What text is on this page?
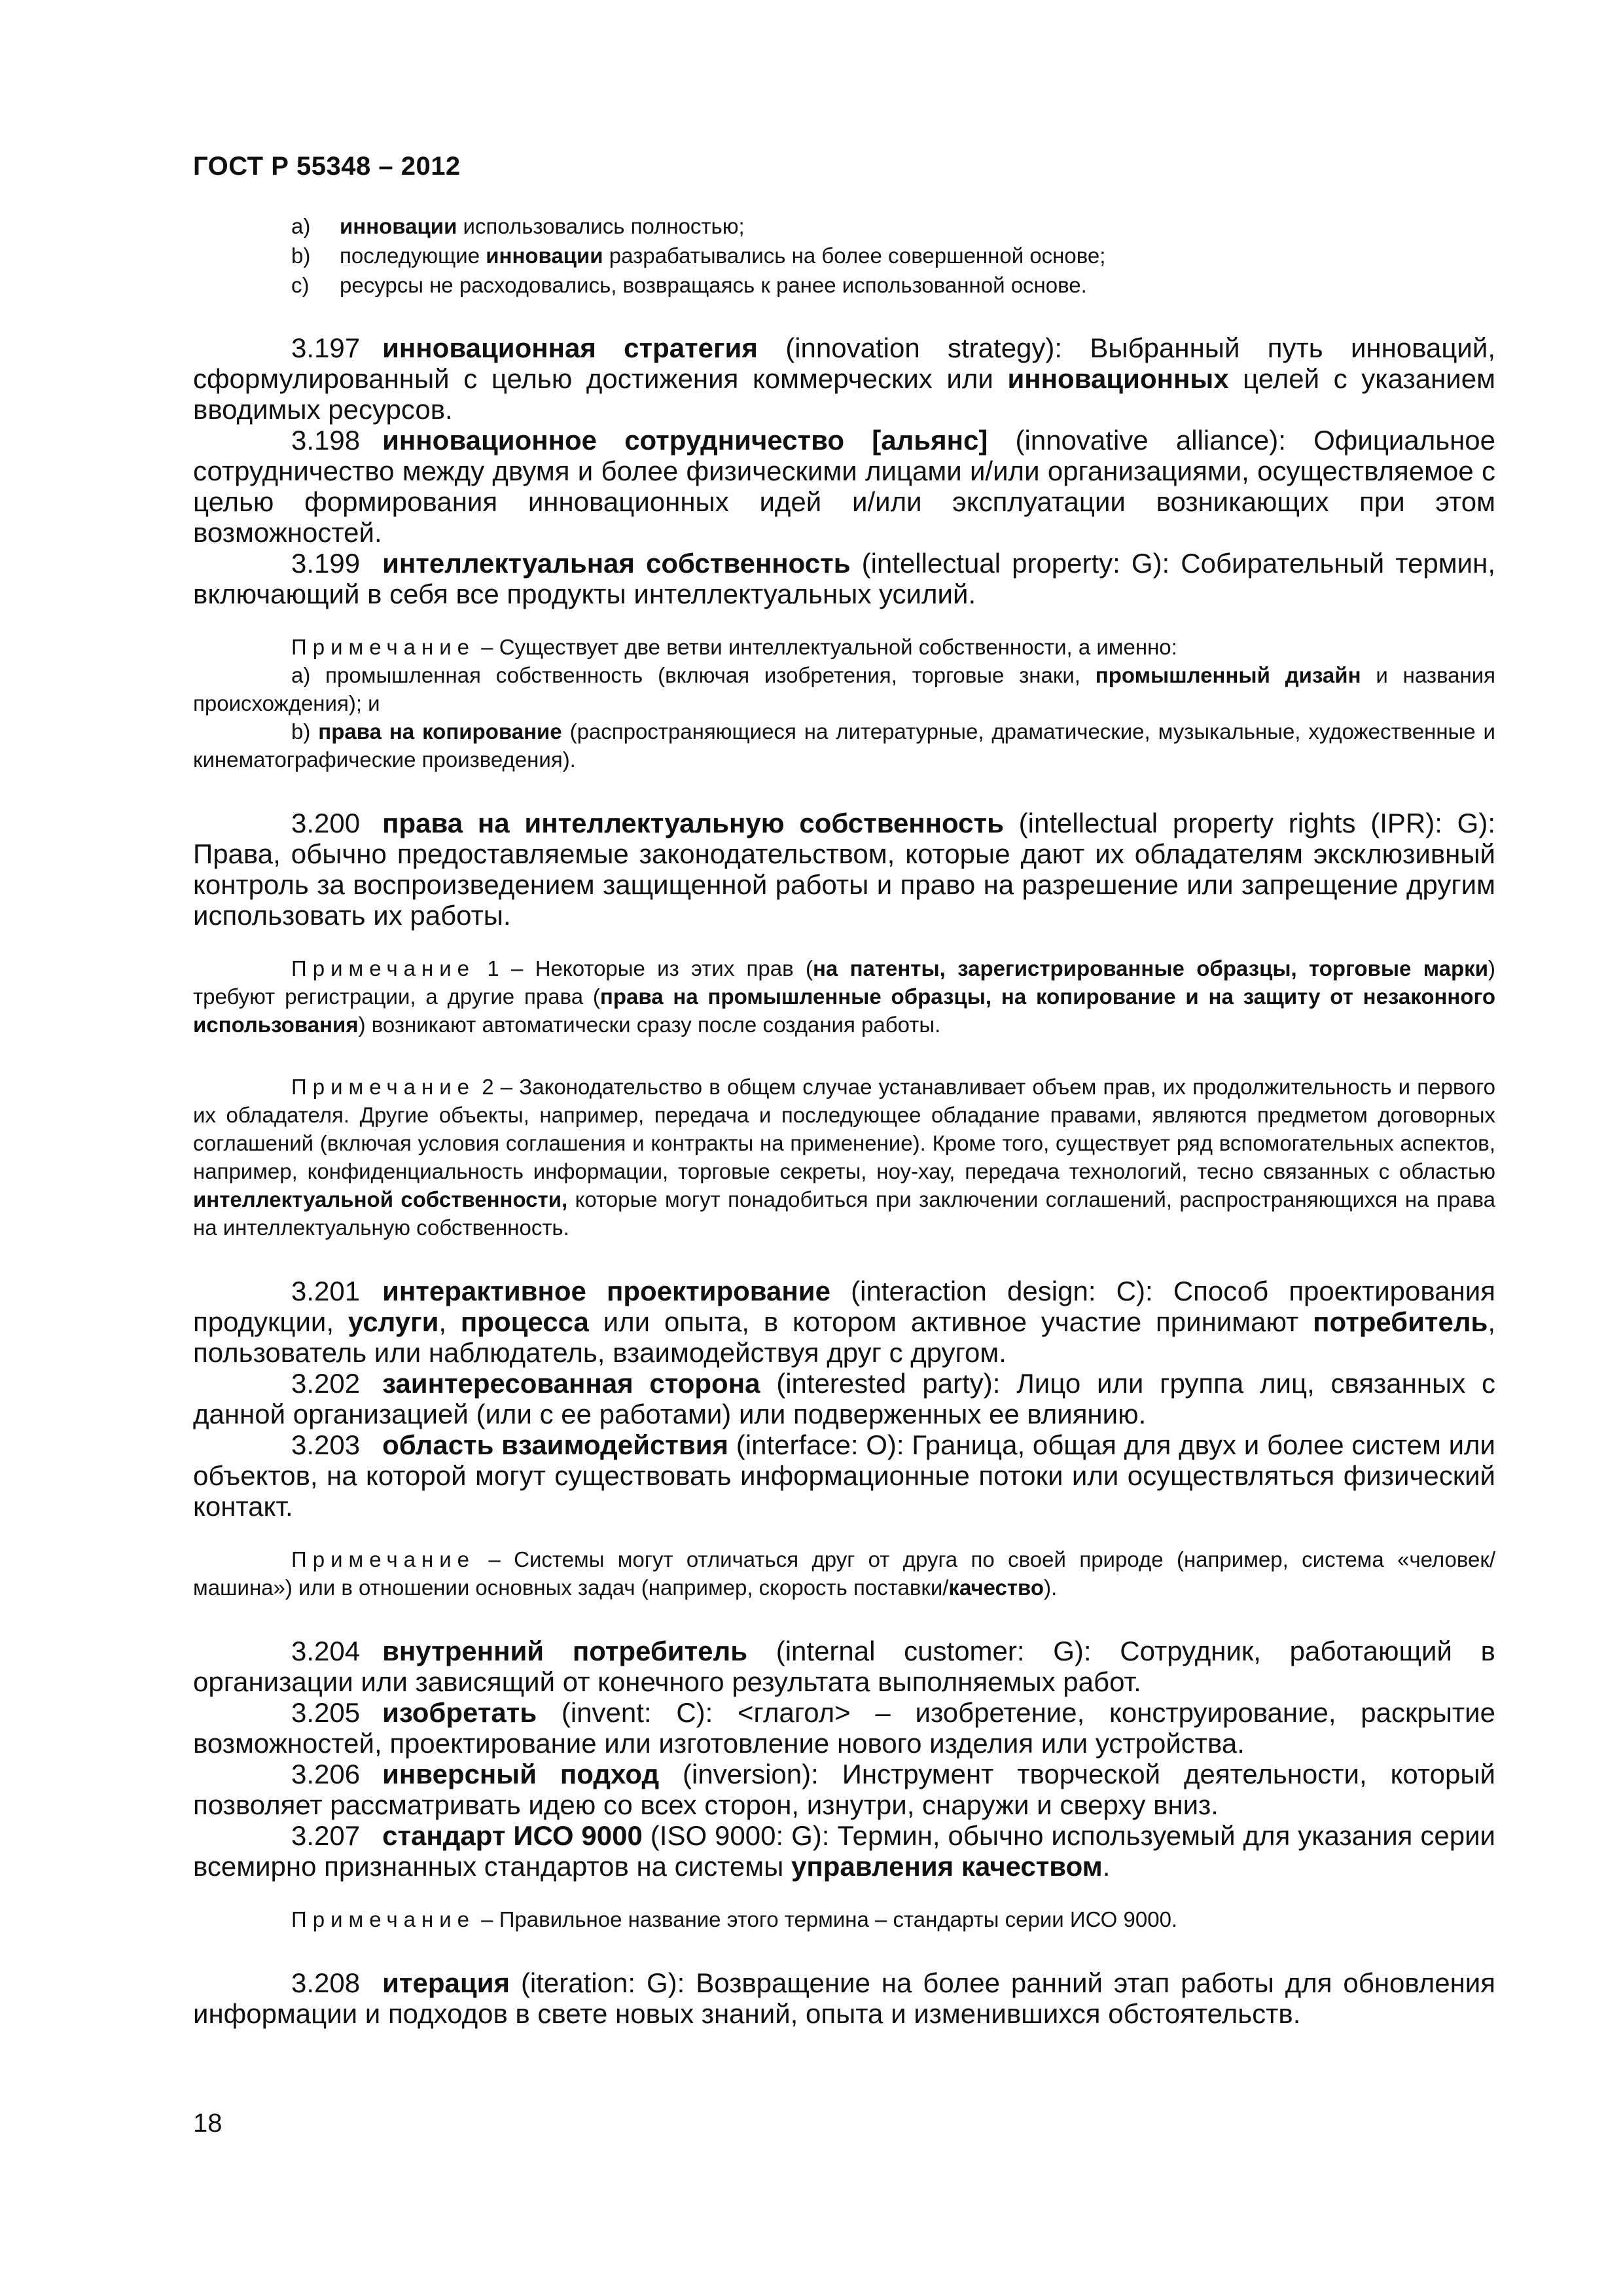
ГОСТ Р 55348 – 2012
a)	инновации использовались полностью;
b)	последующие инновации разрабатывались на более совершенной основе;
c)	ресурсы не расходовались, возвращаясь к ранее использованной основе.

3.197 инновационная стратегия (innovation strategy): Выбранный путь инноваций, сформулированный с целью достижения коммерческих или инновационных целей с указанием вводимых ресурсов.

3.198 инновационное сотрудничество [альянс] (innovative alliance): Официальное сотрудничество между двумя и более физическими лицами и/или организациями, осуществляемое с целью формирования инновационных идей и/или эксплуатации возникающих при этом возможностей.

3.199 интеллектуальная собственность (intellectual property: G): Собирательный термин, включающий в себя все продукты интеллектуальных усилий.

Примечание – Существует две ветви интеллектуальной собственности, а именно:

а) промышленная собственность (включая изобретения, торговые знаки, промышленный дизайн и названия происхождения); и

b) права на копирование (распространяющиеся на литературные, драматические, музыкальные, художественные и кинематографические произведения).

3.200 права на интеллектуальную собственность (intellectual property rights (IPR): G): Права, обычно предоставляемые законодательством, которые дают их обладателям эксклюзивный контроль за воспроизведением защищенной работы и право на разрешение или запрещение другим использовать их работы.

Примечание 1 – Некоторые из этих прав (на патенты, зарегистрированные образцы, торговые марки) требуют регистрации, а другие права (права на промышленные образцы, на копирование и на защиту от незаконного использования) возникают автоматически сразу после создания работы.

Примечание 2 – Законодательство в общем случае устанавливает объем прав, их продолжительность и первого их обладателя. Другие объекты, например, передача и последующее обладание правами, являются предметом договорных соглашений (включая условия соглашения и контракты на применение). Кроме того, существует ряд вспомогательных аспектов, например, конфиденциальность информации, торговые секреты, ноу-хау, передача технологий, тесно связанных с областью интеллектуальной собственности, которые могут понадобиться при заключении соглашений, распространяющихся на права на интеллектуальную собственность.

3.201 интерактивное проектирование (interaction design: C): Способ проектирования продукции, услуги, процесса или опыта, в котором активное участие принимают потребитель, пользователь или наблюдатель, взаимодействуя друг с другом.

3.202 заинтересованная сторона (interested party): Лицо или группа лиц, связанных с данной организацией (или с ее работами) или подверженных ее влиянию.

3.203 область взаимодействия (interface: O): Граница, общая для двух и более систем или объектов, на которой могут существовать информационные потоки или осуществляться физический контакт.

Примечание – Системы могут отличаться друг от друга по своей природе (например, система «человек/машина») или в отношении основных задач (например, скорость поставки/качество).

3.204 внутренний потребитель (internal customer: G): Сотрудник, работающий в организации или зависящий от конечного результата выполняемых работ.

3.205 изобретать (invent: C): <глагол> – изобретение, конструирование, раскрытие возможностей, проектирование или изготовление нового изделия или устройства.

3.206 инверсный подход (inversion): Инструмент творческой деятельности, который позволяет рассматривать идею со всех сторон, изнутри, снаружи и сверху вниз.

3.207 стандарт ИСО 9000 (ISO 9000: G): Термин, обычно используемый для указания серии всемирно признанных стандартов на системы управления качеством.

Примечание – Правильное название этого термина – стандарты серии ИСО 9000.

3.208 итерация (iteration: G): Возвращение на более ранний этап работы для обновления информации и подходов в свете новых знаний, опыта и изменившихся обстоятельств.

18
